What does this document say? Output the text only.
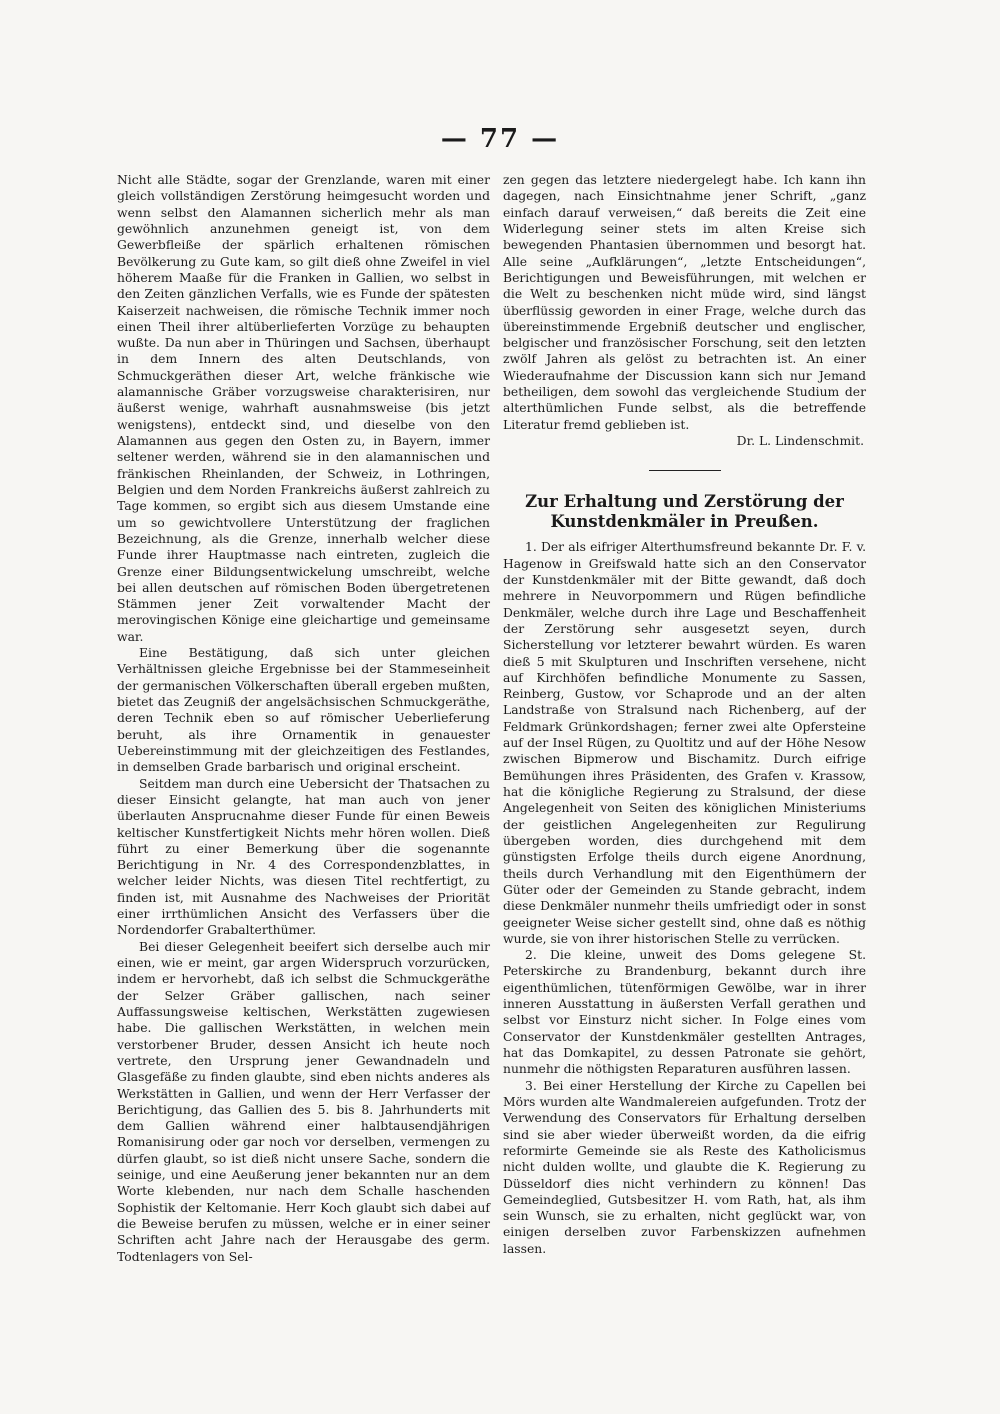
— 77 —

Nicht alle Städte, sogar der Grenzlande, waren mit einer gleich vollständigen Zerstörung heimgesucht worden und wenn selbst den Alamannen sicherlich mehr als man gewöhnlich anzunehmen geneigt ist, von dem Gewerbfleiße der spärlich erhaltenen römischen Bevölkerung zu Gute kam, so gilt dieß ohne Zweifel in viel höherem Maaße für die Franken in Gallien, wo selbst in den Zeiten gänzlichen Verfalls, wie es Funde der spätesten Kaiserzeit nachweisen, die römische Technik immer noch einen Theil ihrer altüberlieferten Vorzüge zu behaupten wußte. Da nun aber in Thüringen und Sachsen, überhaupt in dem Innern des alten Deutschlands, von Schmuckgeräthen dieser Art, welche fränkische wie alamannische Gräber vorzugsweise charakterisiren, nur äußerst wenige, wahrhaft ausnahmsweise (bis jetzt wenigstens), entdeckt sind, und dieselbe von den Alamannen aus gegen den Osten zu, in Bayern, immer seltener werden, während sie in den alamannischen und fränkischen Rheinlanden, der Schweiz, in Lothringen, Belgien und dem Norden Frankreichs äußerst zahlreich zu Tage kommen, so ergibt sich aus diesem Umstande eine um so gewichtvollere Unterstützung der fraglichen Bezeichnung, als die Grenze, innerhalb welcher diese Funde ihrer Hauptmasse nach eintreten, zugleich die Grenze einer Bildungsentwickelung umschreibt, welche bei allen deutschen auf römischen Boden übergetretenen Stämmen jener Zeit vorwaltender Macht der merovingischen Könige eine gleichartige und gemeinsame war.

Eine Bestätigung, daß sich unter gleichen Verhältnissen gleiche Ergebnisse bei der Stammeseinheit der germanischen Völkerschaften überall ergeben mußten, bietet das Zeugniß der angelsächsischen Schmuckgeräthe, deren Technik eben so auf römischer Ueberlieferung beruht, als ihre Ornamentik in genauester Uebereinstimmung mit der gleichzeitigen des Festlandes, in demselben Grade barbarisch und original erscheint.

Seitdem man durch eine Uebersicht der Thatsachen zu dieser Einsicht gelangte, hat man auch von jener überlauten Ansprucnahme dieser Funde für einen Beweis keltischer Kunstfertigkeit Nichts mehr hören wollen. Dieß führt zu einer Bemerkung über die sogenannte Berichtigung in Nr. 4 des Correspondenzblattes, in welcher leider Nichts, was diesen Titel rechtfertigt, zu finden ist, mit Ausnahme des Nachweises der Priorität einer irrthümlichen Ansicht des Verfassers über die Nordendorfer Grabalterthümer.

Bei dieser Gelegenheit beeifert sich derselbe auch mir einen, wie er meint, gar argen Widerspruch vorzurücken, indem er hervorhebt, daß ich selbst die Schmuckgeräthe der Selzer Gräber gallischen, nach seiner Auffassungsweise keltischen, Werkstätten zugewiesen habe. Die gallischen Werkstätten, in welchen mein verstorbener Bruder, dessen Ansicht ich heute noch vertrete, den Ursprung jener Gewandnadeln und Glasgefäße zu finden glaubte, sind eben nichts anderes als Werkstätten in Gallien, und wenn der Herr Verfasser der Berichtigung, das Gallien des 5. bis 8. Jahrhunderts mit dem Gallien während einer halbtausendjährigen Romanisirung oder gar noch vor derselben, vermengen zu dürfen glaubt, so ist dieß nicht unsere Sache, sondern die seinige, und eine Aeußerung jener bekannten nur an dem Worte klebenden, nur nach dem Schalle haschenden Sophistik der Keltomanie. Herr Koch glaubt sich dabei auf die Beweise berufen zu müssen, welche er in einer seiner Schriften acht Jahre nach der Herausgabe des germ. Todtenlagers von Sel-

zen gegen das letztere niedergelegt habe. Ich kann ihn dagegen, nach Einsichtnahme jener Schrift, „ganz einfach darauf verweisen,“ daß bereits die Zeit eine Widerlegung seiner stets im alten Kreise sich bewegenden Phantasien übernommen und besorgt hat. Alle seine „Aufklärungen“, „letzte Entscheidungen“, Berichtigungen und Beweisführungen, mit welchen er die Welt zu beschenken nicht müde wird, sind längst überflüssig geworden in einer Frage, welche durch das übereinstimmende Ergebniß deutscher und englischer, belgischer und französischer Forschung, seit den letzten zwölf Jahren als gelöst zu betrachten ist. An einer Wiederaufnahme der Discussion kann sich nur Jemand betheiligen, dem sowohl das vergleichende Studium der alterthümlichen Funde selbst, als die betreffende Literatur fremd geblieben ist.

Dr. L. Lindenschmit.
Zur Erhaltung und Zerstörung der Kunstdenkmäler in Preußen.

1. Der als eifriger Alterthumsfreund bekannte Dr. F. v. Hagenow in Greifswald hatte sich an den Conservator der Kunstdenkmäler mit der Bitte gewandt, daß doch mehrere in Neuvorpommern und Rügen befindliche Denkmäler, welche durch ihre Lage und Beschaffenheit der Zerstörung sehr ausgesetzt seyen, durch Sicherstellung vor letzterer bewahrt würden. Es waren dieß 5 mit Skulpturen und Inschriften versehene, nicht auf Kirchhöfen befindliche Monumente zu Sassen, Reinberg, Gustow, vor Schaprode und an der alten Landstraße von Stralsund nach Richenberg, auf der Feldmark Grünkordshagen; ferner zwei alte Opfersteine auf der Insel Rügen, zu Quoltitz und auf der Höhe Nesow zwischen Bipmerow und Bischamitz. Durch eifrige Bemühungen ihres Präsidenten, des Grafen v. Krassow, hat die königliche Regierung zu Stralsund, der diese Angelegenheit von Seiten des königlichen Ministeriums der geistlichen Angelegenheiten zur Regulirung übergeben worden, dies durchgehend mit dem günstigsten Erfolge theils durch eigene Anordnung, theils durch Verhandlung mit den Eigenthümern der Güter oder der Gemeinden zu Stande gebracht, indem diese Denkmäler nunmehr theils umfriedigt oder in sonst geeigneter Weise sicher gestellt sind, ohne daß es nöthig wurde, sie von ihrer historischen Stelle zu verrücken.

2. Die kleine, unweit des Doms gelegene St. Peterskirche zu Brandenburg, bekannt durch ihre eigenthümlichen, tütenförmigen Gewölbe, war in ihrer inneren Ausstattung in äußersten Verfall gerathen und selbst vor Einsturz nicht sicher. In Folge eines vom Conservator der Kunstdenkmäler gestellten Antrages, hat das Domkapitel, zu dessen Patronate sie gehört, nunmehr die nöthigsten Reparaturen ausführen lassen.

3. Bei einer Herstellung der Kirche zu Capellen bei Mörs wurden alte Wandmalereien aufgefunden. Trotz der Verwendung des Conservators für Erhaltung derselben sind sie aber wieder überweißt worden, da die eifrig reformirte Gemeinde sie als Reste des Katholicismus nicht dulden wollte, und glaubte die K. Regierung zu Düsseldorf dies nicht verhindern zu können! Das Gemeindeglied, Gutsbesitzer H. vom Rath, hat, als ihm sein Wunsch, sie zu erhalten, nicht geglückt war, von einigen derselben zuvor Farbenskizzen aufnehmen lassen.
